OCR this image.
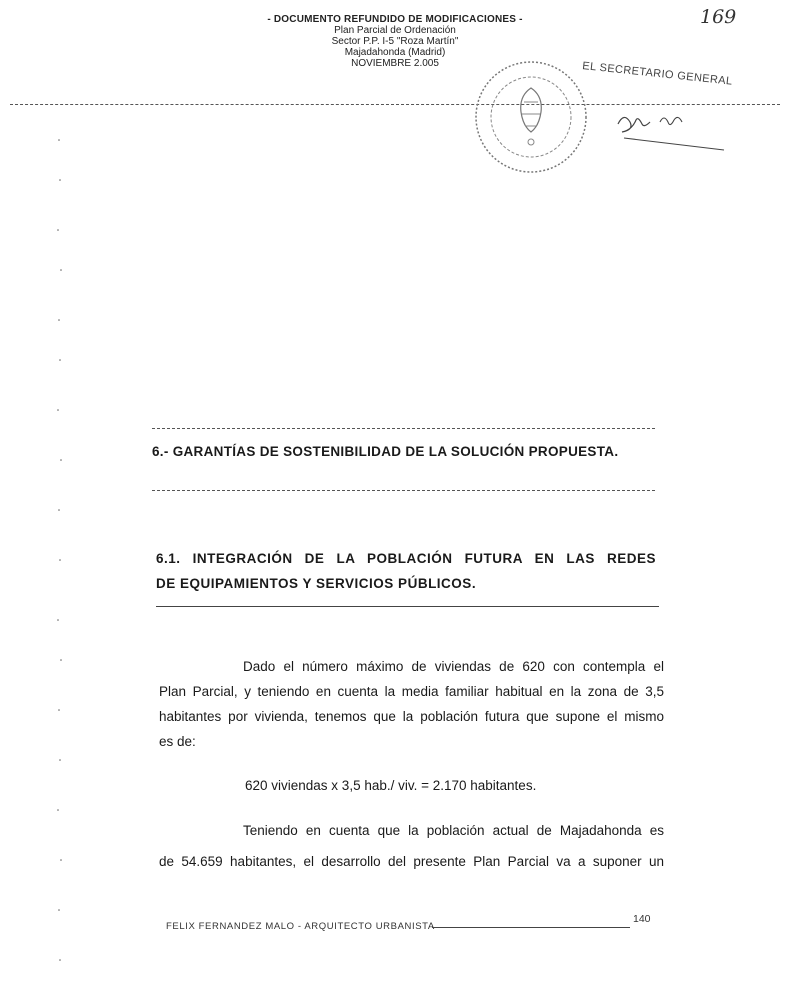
- DOCUMENTO REFUNDIDO DE MODIFICACIONES -
Plan Parcial de Ordenación
Sector P.P. I-5 "Roza Martín"
Majadahonda (Madrid)
NOVIEMBRE 2.005
169
EL SECRETARIO GENERAL
6.- GARANTÍAS DE SOSTENIBILIDAD DE LA SOLUCIÓN PROPUESTA.
6.1. INTEGRACIÓN DE LA POBLACIÓN FUTURA EN LAS REDES
DE EQUIPAMIENTOS Y SERVICIOS PÚBLICOS.
Dado el número máximo de viviendas de 620 con contempla el
Plan Parcial, y teniendo en cuenta la media familiar habitual en la zona de 3,5
habitantes por vivienda, tenemos que la población futura que supone el mismo
es de:
620 viviendas x 3,5 hab./ viv. = 2.170 habitantes.
Teniendo en cuenta que la población actual de Majadahonda es
de 54.659 habitantes, el desarrollo del presente Plan Parcial va a suponer un
FELIX FERNANDEZ MALO - ARQUITECTO URBANISTA
140
